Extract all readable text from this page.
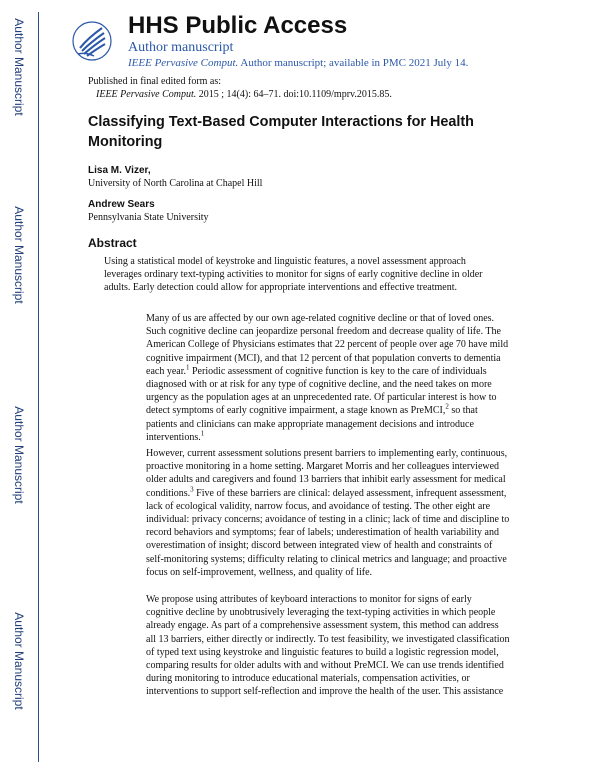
Author Manuscript
Author Manuscript
Author Manuscript
Author Manuscript
HHS Public Access
Author manuscript
IEEE Pervasive Comput. Author manuscript; available in PMC 2021 July 14.
Published in final edited form as:
IEEE Pervasive Comput. 2015 ; 14(4): 64–71. doi:10.1109/mprv.2015.85.
Classifying Text-Based Computer Interactions for Health Monitoring
Lisa M. Vizer,
University of North Carolina at Chapel Hill
Andrew Sears
Pennsylvania State University
Abstract
Using a statistical model of keystroke and linguistic features, a novel assessment approach leverages ordinary text-typing activities to monitor for signs of early cognitive decline in older adults. Early detection could allow for appropriate interventions and effective treatment.
Many of us are affected by our own age-related cognitive decline or that of loved ones. Such cognitive decline can jeopardize personal freedom and decrease quality of life. The American College of Physicians estimates that 22 percent of people over age 70 have mild cognitive impairment (MCI), and that 12 percent of that population converts to dementia each year.$^1$ Periodic assessment of cognitive function is key to the care of individuals diagnosed with or at risk for any type of cognitive decline, and the need takes on more urgency as the population ages at an unprecedented rate. Of particular interest is how to detect symptoms of early cognitive impairment, a stage known as PreMCI,$^2$ so that patients and clinicians can make appropriate management decisions and introduce interventions.$^1$
However, current assessment solutions present barriers to implementing early, continuous, proactive monitoring in a home setting. Margaret Morris and her colleagues interviewed older adults and caregivers and found 13 barriers that inhibit early assessment for medical conditions.$^3$ Five of these barriers are clinical: delayed assessment, infrequent assessment, lack of ecological validity, narrow focus, and avoidance of testing. The other eight are individual: privacy concerns; avoidance of testing in a clinic; lack of time and discipline to record behaviors and symptoms; fear of labels; underestimation of health variability and overestimation of insight; discord between integrated view of health and constraints of self-monitoring systems; difficulty relating to clinical metrics and language; and proactive focus on self-improvement, wellness, and quality of life.
We propose using attributes of keyboard interactions to monitor for signs of early cognitive decline by unobtrusively leveraging the text-typing activities in which people already engage. As part of a comprehensive assessment system, this method can address all 13 barriers, either directly or indirectly. To test feasibility, we investigated classification of typed text using keystroke and linguistic features to build a logistic regression model, comparing results for older adults with and without PreMCI. We can use trends identified during monitoring to introduce educational materials, compensation activities, or interventions to support self-reflection and improve the health of the user. This assistance
